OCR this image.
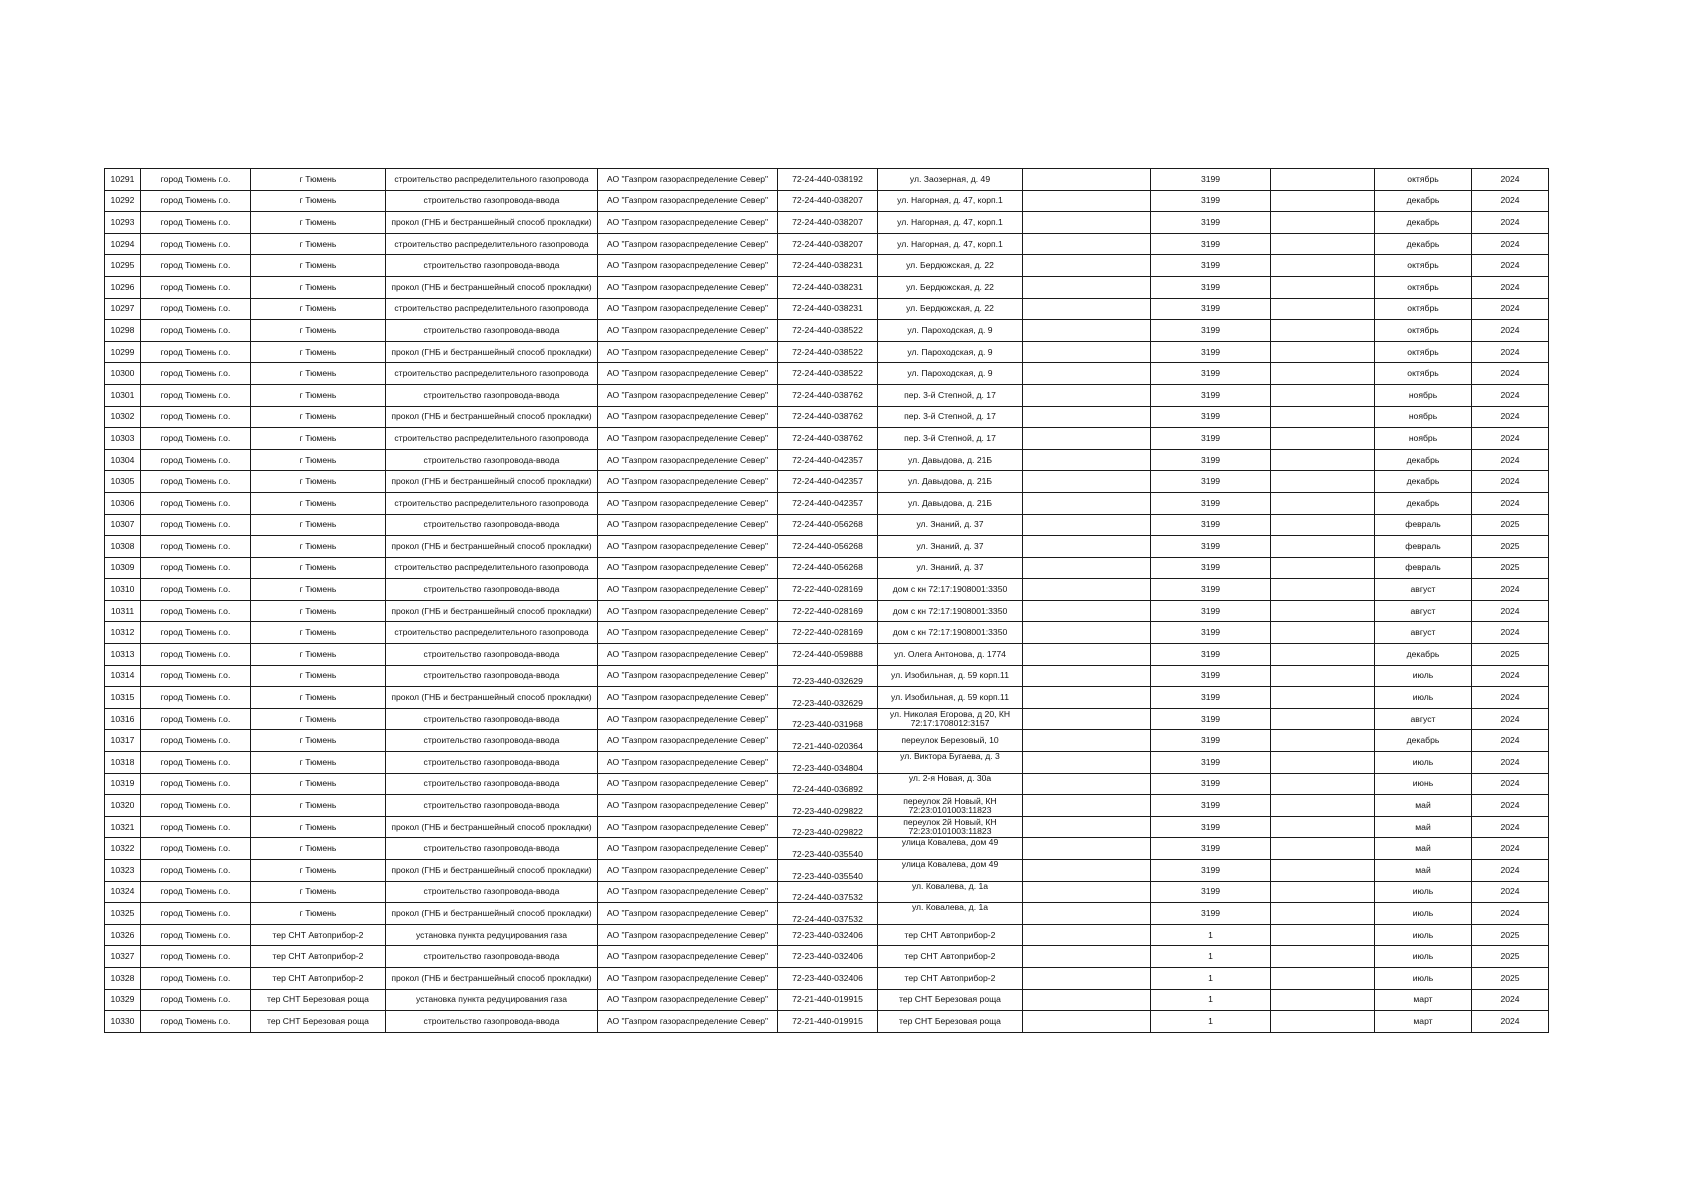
10291	город Тюмень г.о.	г Тюмень	строительство распределительного газопровода	АО "Газпром газораспределение Север"	72-24-440-038192	ул. Заозерная, д. 49		3199		октябрь	2024
10292	город Тюмень г.о.	г Тюмень	строительство газопровода-ввода	АО "Газпром газораспределение Север"	72-24-440-038207	ул. Нагорная, д. 47, корп.1		3199		декабрь	2024
10293	город Тюмень г.о.	г Тюмень	прокол (ГНБ и бестраншейный способ прокладки)	АО "Газпром газораспределение Север"	72-24-440-038207	ул. Нагорная, д. 47, корп.1		3199		декабрь	2024
10294	город Тюмень г.о.	г Тюмень	строительство распределительного газопровода	АО "Газпром газораспределение Север"	72-24-440-038207	ул. Нагорная, д. 47, корп.1		3199		декабрь	2024
10295	город Тюмень г.о.	г Тюмень	строительство газопровода-ввода	АО "Газпром газораспределение Север"	72-24-440-038231	ул. Бердюжская, д. 22		3199		октябрь	2024
10296	город Тюмень г.о.	г Тюмень	прокол (ГНБ и бестраншейный способ прокладки)	АО "Газпром газораспределение Север"	72-24-440-038231	ул. Бердюжская, д. 22		3199		октябрь	2024
10297	город Тюмень г.о.	г Тюмень	строительство распределительного газопровода	АО "Газпром газораспределение Север"	72-24-440-038231	ул. Бердюжская, д. 22		3199		октябрь	2024
10298	город Тюмень г.о.	г Тюмень	строительство газопровода-ввода	АО "Газпром газораспределение Север"	72-24-440-038522	ул. Пароходская, д. 9		3199		октябрь	2024
10299	город Тюмень г.о.	г Тюмень	прокол (ГНБ и бестраншейный способ прокладки)	АО "Газпром газораспределение Север"	72-24-440-038522	ул. Пароходская, д. 9		3199		октябрь	2024
10300	город Тюмень г.о.	г Тюмень	строительство распределительного газопровода	АО "Газпром газораспределение Север"	72-24-440-038522	ул. Пароходская, д. 9		3199		октябрь	2024
10301	город Тюмень г.о.	г Тюмень	строительство газопровода-ввода	АО "Газпром газораспределение Север"	72-24-440-038762	пер. 3-й Степной, д. 17		3199		ноябрь	2024
10302	город Тюмень г.о.	г Тюмень	прокол (ГНБ и бестраншейный способ прокладки)	АО "Газпром газораспределение Север"	72-24-440-038762	пер. 3-й Степной, д. 17		3199		ноябрь	2024
10303	город Тюмень г.о.	г Тюмень	строительство распределительного газопровода	АО "Газпром газораспределение Север"	72-24-440-038762	пер. 3-й Степной, д. 17		3199		ноябрь	2024
10304	город Тюмень г.о.	г Тюмень	строительство газопровода-ввода	АО "Газпром газораспределение Север"	72-24-440-042357	ул. Давыдова, д. 21Б		3199		декабрь	2024
10305	город Тюмень г.о.	г Тюмень	прокол (ГНБ и бестраншейный способ прокладки)	АО "Газпром газораспределение Север"	72-24-440-042357	ул. Давыдова, д. 21Б		3199		декабрь	2024
10306	город Тюмень г.о.	г Тюмень	строительство распределительного газопровода	АО "Газпром газораспределение Север"	72-24-440-042357	ул. Давыдова, д. 21Б		3199		декабрь	2024
10307	город Тюмень г.о.	г Тюмень	строительство газопровода-ввода	АО "Газпром газораспределение Север"	72-24-440-056268	ул. Знаний, д. 37		3199		февраль	2025
10308	город Тюмень г.о.	г Тюмень	прокол (ГНБ и бестраншейный способ прокладки)	АО "Газпром газораспределение Север"	72-24-440-056268	ул. Знаний, д. 37		3199		февраль	2025
10309	город Тюмень г.о.	г Тюмень	строительство распределительного газопровода	АО "Газпром газораспределение Север"	72-24-440-056268	ул. Знаний, д. 37		3199		февраль	2025
10310	город Тюмень г.о.	г Тюмень	строительство газопровода-ввода	АО "Газпром газораспределение Север"	72-22-440-028169	дом с кн 72:17:1908001:3350		3199		август	2024
10311	город Тюмень г.о.	г Тюмень	прокол (ГНБ и бестраншейный способ прокладки)	АО "Газпром газораспределение Север"	72-22-440-028169	дом с кн 72:17:1908001:3350		3199		август	2024
10312	город Тюмень г.о.	г Тюмень	строительство распределительного газопровода	АО "Газпром газораспределение Север"	72-22-440-028169	дом с кн 72:17:1908001:3350		3199		август	2024
10313	город Тюмень г.о.	г Тюмень	строительство газопровода-ввода	АО "Газпром газораспределение Север"	72-24-440-059888	ул. Олега Антонова, д. 1774		3199		декабрь	2025
10314	город Тюмень г.о.	г Тюмень	строительство газопровода-ввода	АО "Газпром газораспределение Север"	72-23-440-032629	ул. Изобильная, д. 59 корп.11		3199		июль	2024
10315	город Тюмень г.о.	г Тюмень	прокол (ГНБ и бестраншейный способ прокладки)	АО "Газпром газораспределение Север"	72-23-440-032629	ул. Изобильная, д. 59 корп.11		3199		июль	2024
10316	город Тюмень г.о.	г Тюмень	строительство газопровода-ввода	АО "Газпром газораспределение Север"	72-23-440-031968	ул. Николая Егорова, д 20, КН 72:17:1708012:3157		3199		август	2024
10317	город Тюмень г.о.	г Тюмень	строительство газопровода-ввода	АО "Газпром газораспределение Север"	72-21-440-020364	переулок Березовый, 10		3199		декабрь	2024
10318	город Тюмень г.о.	г Тюмень	строительство газопровода-ввода	АО "Газпром газораспределение Север"	72-23-440-034804	ул. Виктора Бугаева, д. 3		3199		июль	2024
10319	город Тюмень г.о.	г Тюмень	строительство газопровода-ввода	АО "Газпром газораспределение Север"	72-24-440-036892	ул. 2-я Новая, д. 30а		3199		июнь	2024
10320	город Тюмень г.о.	г Тюмень	строительство газопровода-ввода	АО "Газпром газораспределение Север"	72-23-440-029822	переулок 2й Новый, КН 72:23:0101003:11823		3199		май	2024
10321	город Тюмень г.о.	г Тюмень	прокол (ГНБ и бестраншейный способ прокладки)	АО "Газпром газораспределение Север"	72-23-440-029822	переулок 2й Новый, КН 72:23:0101003:11823		3199		май	2024
10322	город Тюмень г.о.	г Тюмень	строительство газопровода-ввода	АО "Газпром газораспределение Север"	72-23-440-035540	улица Ковалева, дом 49		3199		май	2024
10323	город Тюмень г.о.	г Тюмень	прокол (ГНБ и бестраншейный способ прокладки)	АО "Газпром газораспределение Север"	72-23-440-035540	улица Ковалева, дом 49		3199		май	2024
10324	город Тюмень г.о.	г Тюмень	строительство газопровода-ввода	АО "Газпром газораспределение Север"	72-24-440-037532	ул. Ковалева, д. 1а		3199		июль	2024
10325	город Тюмень г.о.	г Тюмень	прокол (ГНБ и бестраншейный способ прокладки)	АО "Газпром газораспределение Север"	72-24-440-037532	ул. Ковалева, д. 1а		3199		июль	2024
10326	город Тюмень г.о.	тер СНТ Автоприбор-2	установка пункта редуцирования газа	АО "Газпром газораспределение Север"	72-23-440-032406	тер СНТ Автоприбор-2		1		июль	2025
10327	город Тюмень г.о.	тер СНТ Автоприбор-2	строительство газопровода-ввода	АО "Газпром газораспределение Север"	72-23-440-032406	тер СНТ Автоприбор-2		1		июль	2025
10328	город Тюмень г.о.	тер СНТ Автоприбор-2	прокол (ГНБ и бестраншейный способ прокладки)	АО "Газпром газораспределение Север"	72-23-440-032406	тер СНТ Автоприбор-2		1		июль	2025
10329	город Тюмень г.о.	тер СНТ Березовая роща	установка пункта редуцирования газа	АО "Газпром газораспределение Север"	72-21-440-019915	тер СНТ Березовая роща		1		март	2024
10330	город Тюмень г.о.	тер СНТ Березовая роща	строительство газопровода-ввода	АО "Газпром газораспределение Север"	72-21-440-019915	тер СНТ Березовая роща		1		март	2024
